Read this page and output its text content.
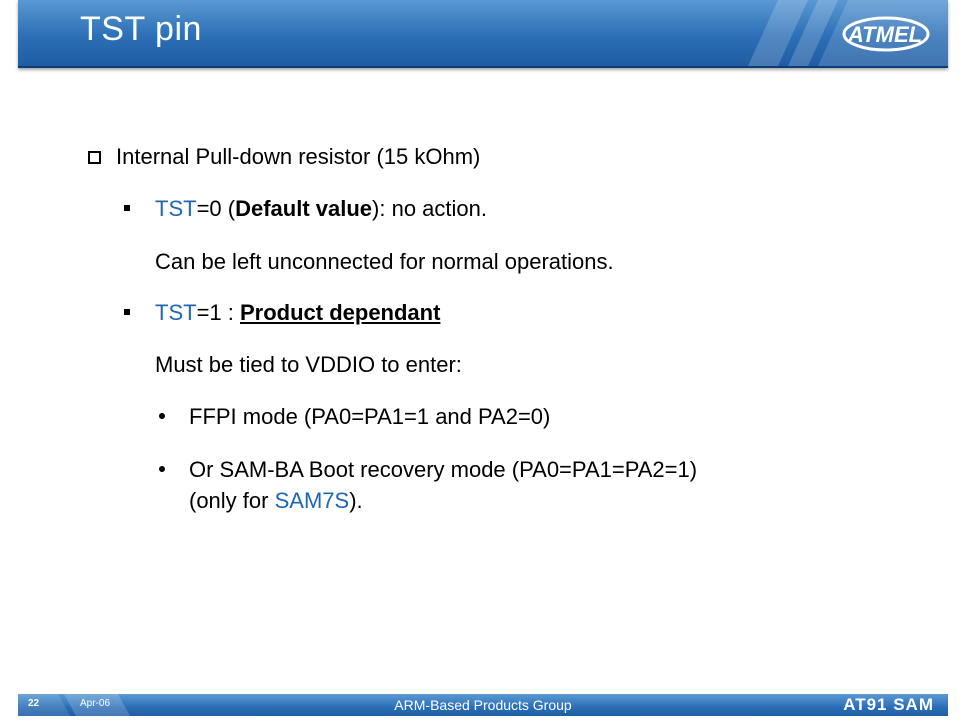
TST pin	ATMEL
Internal Pull-down resistor (15 kOhm)
TST=0 (Default value): no action.
Can be left unconnected for normal operations.
TST=1 : Product dependant
Must be tied to VDDIO to enter:
FFPI mode (PA0=PA1=1 and PA2=0)
Or SAM-BA Boot recovery mode (PA0=PA1=PA2=1)
(only for SAM7S).
22	Apr-06	ARM-Based Products Group	AT91 SAM
